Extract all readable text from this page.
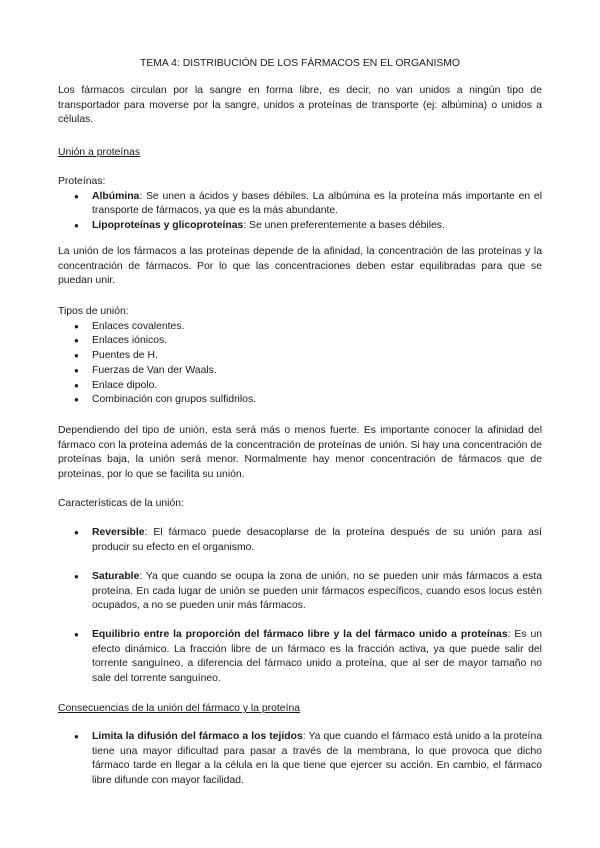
TEMA 4: DISTRIBUCIÓN DE LOS FÁRMACOS EN EL ORGANISMO

Los fármacos circulan por la sangre en forma libre, es decir, no van unidos a ningún tipo de transportador para moverse por la sangre, unidos a proteínas de transporte (ej: albúmina) o unidos a células.

Unión a proteínas

Proteínas:

● Albúmina: Se unen a ácidos y bases débiles. La albúmina es la proteína más importante en el transporte de fármacos, ya que es la más abundante.
● Lipoproteínas y glicoproteínas: Se unen preferentemente a bases débiles.

La unión de los fármacos a las proteínas depende de la afinidad, la concentración de las proteínas y la concentración de fármacos. Por lo que las concentraciones deben estar equilibradas para que se puedan unir.

Tipos de unión:

● Enlaces covalentes.
● Enlaces iónicos.
● Puentes de H.
● Fuerzas de Van der Waals.
● Enlace dipolo.
● Combinación con grupos sulfidrilos.

Dependiendo del tipo de unión, esta será más o menos fuerte. Es importante conocer la afinidad del fármaco con la proteína además de la concentración de proteínas de unión. Si hay una concentración de proteínas baja, la unión será menor. Normalmente hay menor concentración de fármacos que de proteínas, por lo que se facilita su unión.

Características de la unión:

● Reversible: El fármaco puede desacoplarse de la proteína después de su unión para así producir su efecto en el organismo.
● Saturable: Ya que cuando se ocupa la zona de unión, no se pueden unir más fármacos a esta proteína. En cada lugar de unión se pueden unir fármacos específicos, cuando esos locus estén ocupados, a no se pueden unir más fármacos.
● Equilibrio entre la proporción del fármaco libre y la del fármaco unido a proteínas: Es un efecto dinámico. La fracción libre de un fármaco es la fracción activa, ya que puede salir del torrente sanguíneo, a diferencia del fármaco unido a proteína, que al ser de mayor tamaño no sale del torrente sanguíneo.

Consecuencias de la unión del fármaco y la proteína

● Limita la difusión del fármaco a los tejidos: Ya que cuando el fármaco está unido a la proteína tiene una mayor dificultad para pasar a través de la membrana, lo que provoca que dicho fármaco tarde en llegar a la célula en la que tiene que ejercer su acción. En cambio, el fármaco libre difunde con mayor facilidad.
